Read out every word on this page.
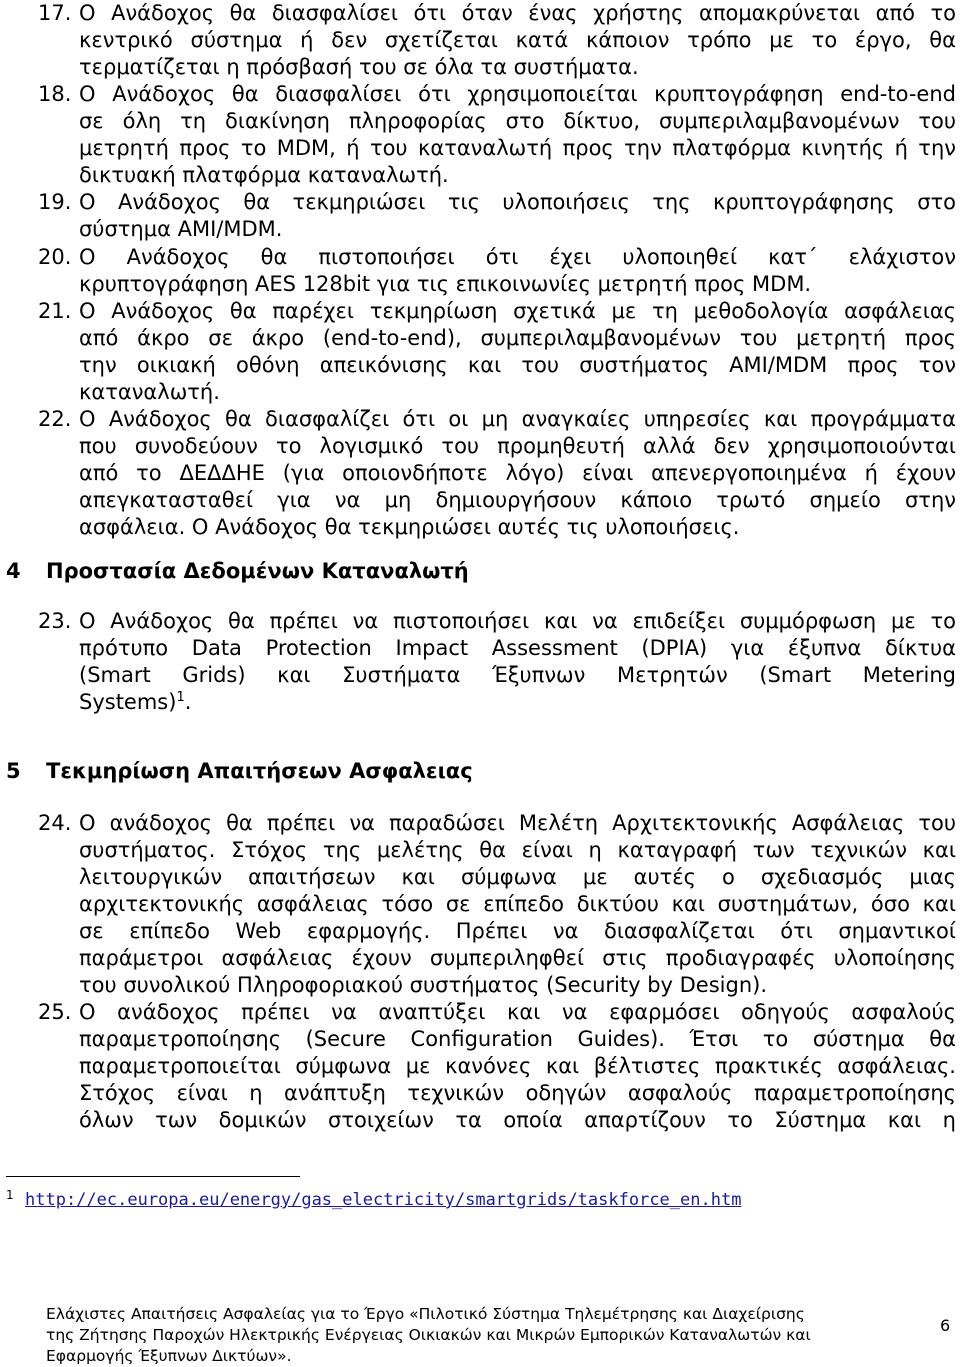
17. Ο Ανάδοχος θα διασφαλίσει ότι όταν ένας χρήστης απομακρύνεται από το
κεντρικό σύστημα ή δεν σχετίζεται κατά κάποιον τρόπο με το έργο, θα
τερματίζεται η πρόσβασή του σε όλα τα συστήματα.
18. Ο Ανάδοχος θα διασφαλίσει ότι χρησιμοποιείται κρυπτογράφηση end-to-end
σε όλη τη διακίνηση πληροφορίας στο δίκτυο, συμπεριλαμβανομένων του
μετρητή προς το MDM, ή του καταναλωτή προς την πλατφόρμα κινητής ή την
δικτυακή πλατφόρμα καταναλωτή.
19. Ο Ανάδοχος θα τεκμηριώσει τις υλοποιήσεις της κρυπτογράφησης στο
σύστημα AMI/MDM.
20. Ο Ανάδοχος θα πιστοποιήσει ότι έχει υλοποιηθεί κατ΄ ελάχιστον
κρυπτογράφηση AES 128bit για τις επικοινωνίες μετρητή προς MDM.
21. Ο Ανάδοχος θα παρέχει τεκμηρίωση σχετικά με τη μεθοδολογία ασφάλειας
από άκρο σε άκρο (end-to-end), συμπεριλαμβανομένων του μετρητή προς
την οικιακή οθόνη απεικόνισης και του συστήματος AMI/MDM προς τον
καταναλωτή.
22. Ο Ανάδοχος θα διασφαλίζει ότι οι μη αναγκαίες υπηρεσίες και προγράμματα
που συνοδεύουν το λογισμικό του προμηθευτή αλλά δεν χρησιμοποιούνται
από το ΔΕΔΔΗΕ (για οποιονδήποτε λόγο) είναι απενεργοποιημένα ή έχουν
απεγκατασταθεί για να μη δημιουργήσουν κάποιο τρωτό σημείο στην
ασφάλεια. Ο Ανάδοχος θα τεκμηριώσει αυτές τις υλοποιήσεις.
4 Προστασία Δεδομένων Καταναλωτή
23. Ο Ανάδοχος θα πρέπει να πιστοποιήσει και να επιδείξει συμμόρφωση με το
πρότυπο Data Protection Impact Assessment (DPIA) για έξυπνα δίκτυα
(Smart Grids) και Συστήματα Έξυπνων Μετρητών (Smart Metering
Systems)$^1$.
5 Τεκμηρίωση Απαιτήσεων Ασφαλειας
24. Ο ανάδοχος θα πρέπει να παραδώσει Μελέτη Αρχιτεκτονικής Ασφάλειας του
συστήματος. Στόχος της μελέτης θα είναι η καταγραφή των τεχνικών και
λειτουργικών απαιτήσεων και σύμφωνα με αυτές ο σχεδιασμός μιας
αρχιτεκτονικής ασφάλειας τόσο σε επίπεδο δικτύου και συστημάτων, όσο και
σε επίπεδο Web εφαρμογής. Πρέπει να διασφαλίζεται ότι σημαντικοί
παράμετροι ασφάλειας έχουν συμπεριληφθεί στις προδιαγραφές υλοποίησης
του συνολικού Πληροφοριακού συστήματος (Security by Design).
25. Ο ανάδοχος πρέπει να αναπτύξει και να εφαρμόσει οδηγούς ασφαλούς
παραμετροποίησης (Secure Configuration Guides). Έτσι το σύστημα θα
παραμετροποιείται σύμφωνα με κανόνες και βέλτιστες πρακτικές ασφάλειας.
Στόχος είναι η ανάπτυξη τεχνικών οδηγών ασφαλούς παραμετροποίησης
όλων των δομικών στοιχείων τα οποία απαρτίζουν το Σύστημα και η
1 http://ec.europa.eu/energy/gas_electricity/smartgrids/taskforce_en.htm
Ελάχιστες Απαιτήσεις Ασφαλείας για το Έργο «Πιλοτικό Σύστημα Τηλεμέτρησης και Διαχείρισης
της Ζήτησης Παροχών Ηλεκτρικής Ενέργειας Οικιακών και Μικρών Εμπορικών Καταναλωτών και
Εφαρμογής Έξυπνων Δικτύων».
6
